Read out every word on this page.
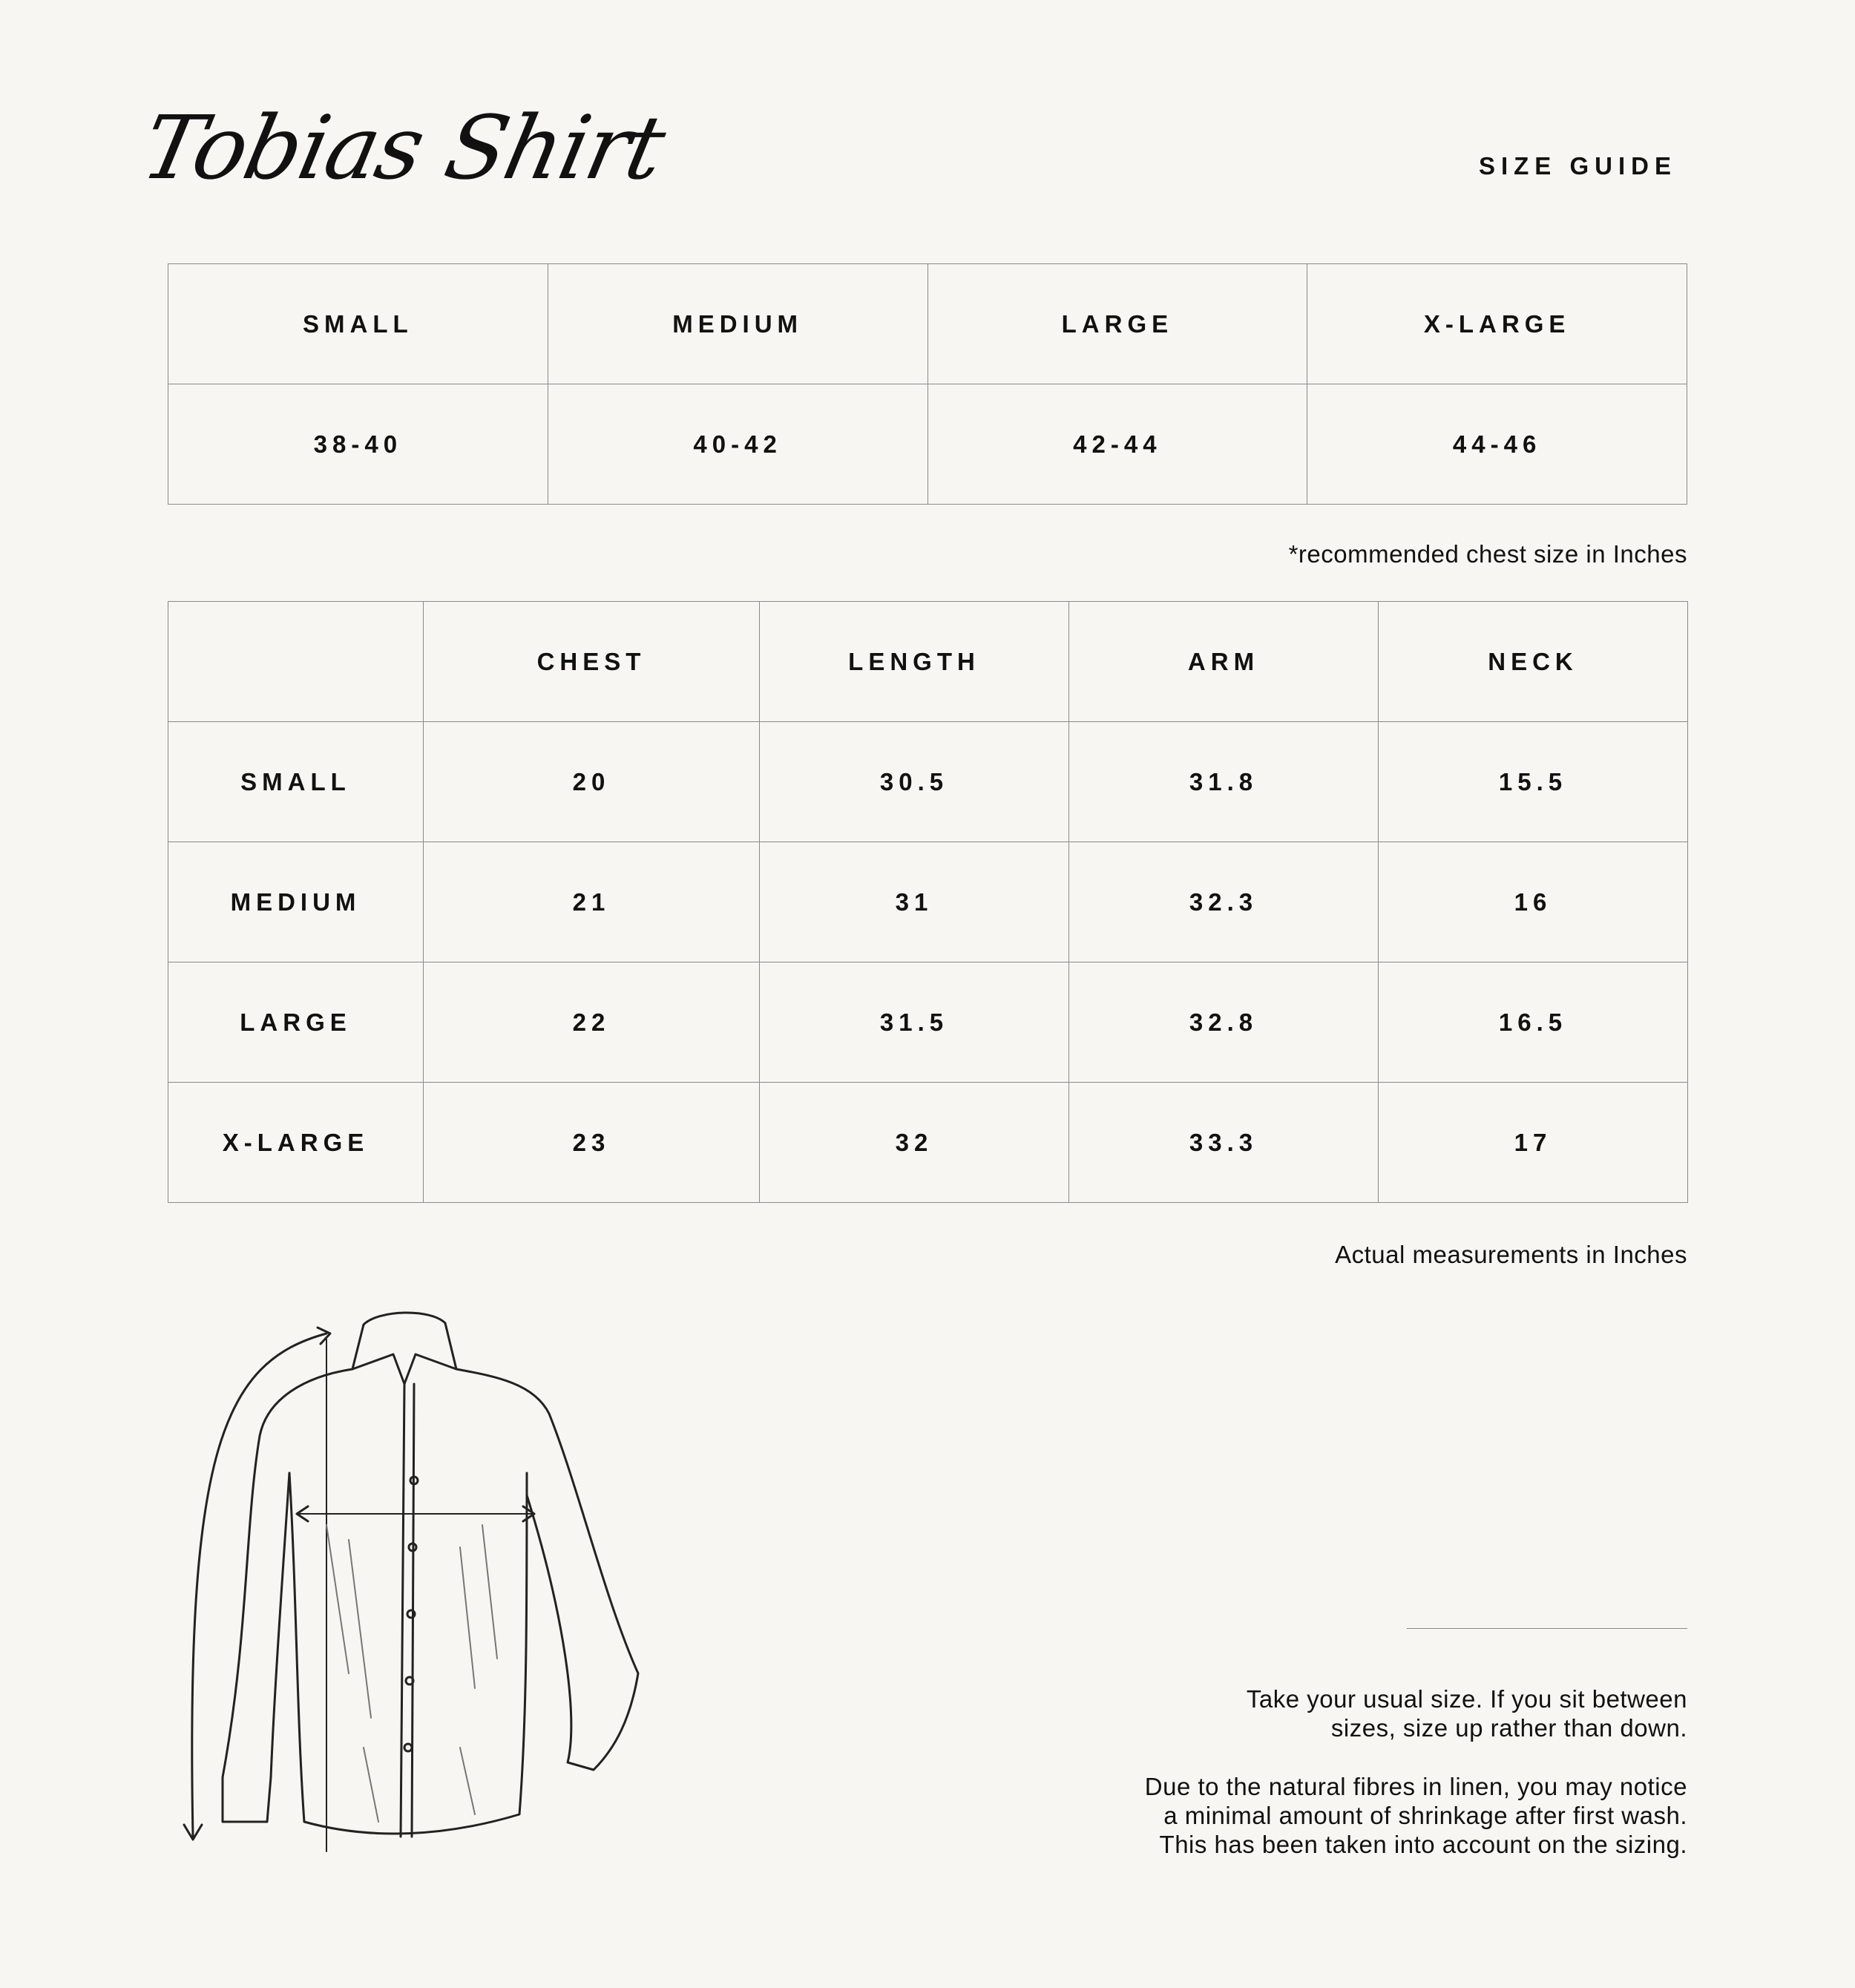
Tobias Shirt	SIZE GUIDE
SMALL	MEDIUM	LARGE	X-LARGE
38-40	40-42	42-44	44-46
*recommended chest size in Inches
	CHEST	LENGTH	ARM	NECK
SMALL	20	30.5	31.8	15.5
MEDIUM	21	31	32.3	16
LARGE	22	31.5	32.8	16.5
X-LARGE	23	32	33.3	17
Actual measurements in Inches
Take your usual size. If you sit between
sizes, size up rather than down.
Due to the natural fibres in linen, you may notice
a minimal amount of shrinkage after first wash.
This has been taken into account on the sizing.
